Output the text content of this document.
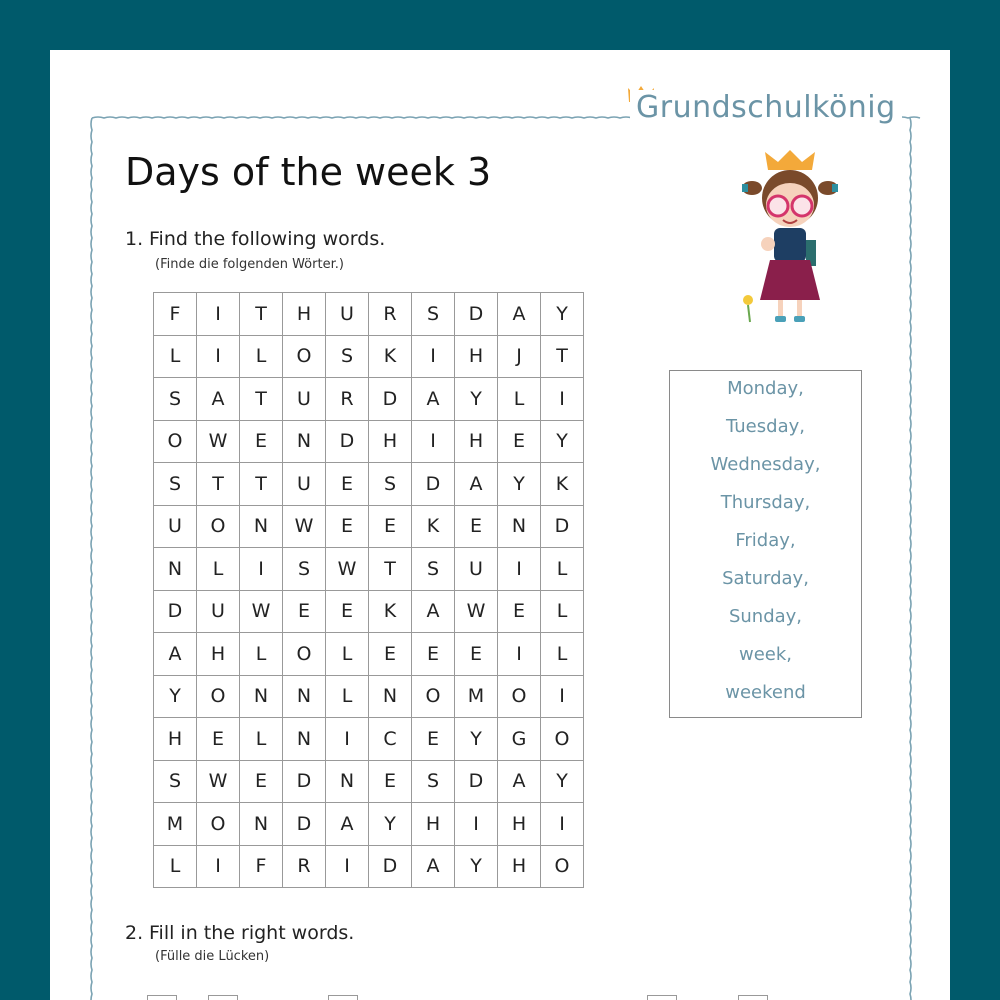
Grundschulkönig
Days of the week 3
1. Find the following words.
(Finde die folgenden Wörter.)
F	I	T	H	U	R	S	D	A	Y
L	I	L	O	S	K	I	H	J	T
S	A	T	U	R	D	A	Y	L	I
O	W	E	N	D	H	I	H	E	Y
S	T	T	U	E	S	D	A	Y	K
U	O	N	W	E	E	K	E	N	D
N	L	I	S	W	T	S	U	I	L
D	U	W	E	E	K	A	W	E	L
A	H	L	O	L	E	E	E	I	L
Y	O	N	N	L	N	O	M	O	I
H	E	L	N	I	C	E	Y	G	O
S	W	E	D	N	E	S	D	A	Y
M	O	N	D	A	Y	H	I	H	I
L	I	F	R	I	D	A	Y	H	O
Monday,
Tuesday,
Wednesday,
Thursday,
Friday,
Saturday,
Sunday,
week,
weekend
2. Fill in the right words.
(Fülle die Lücken)
